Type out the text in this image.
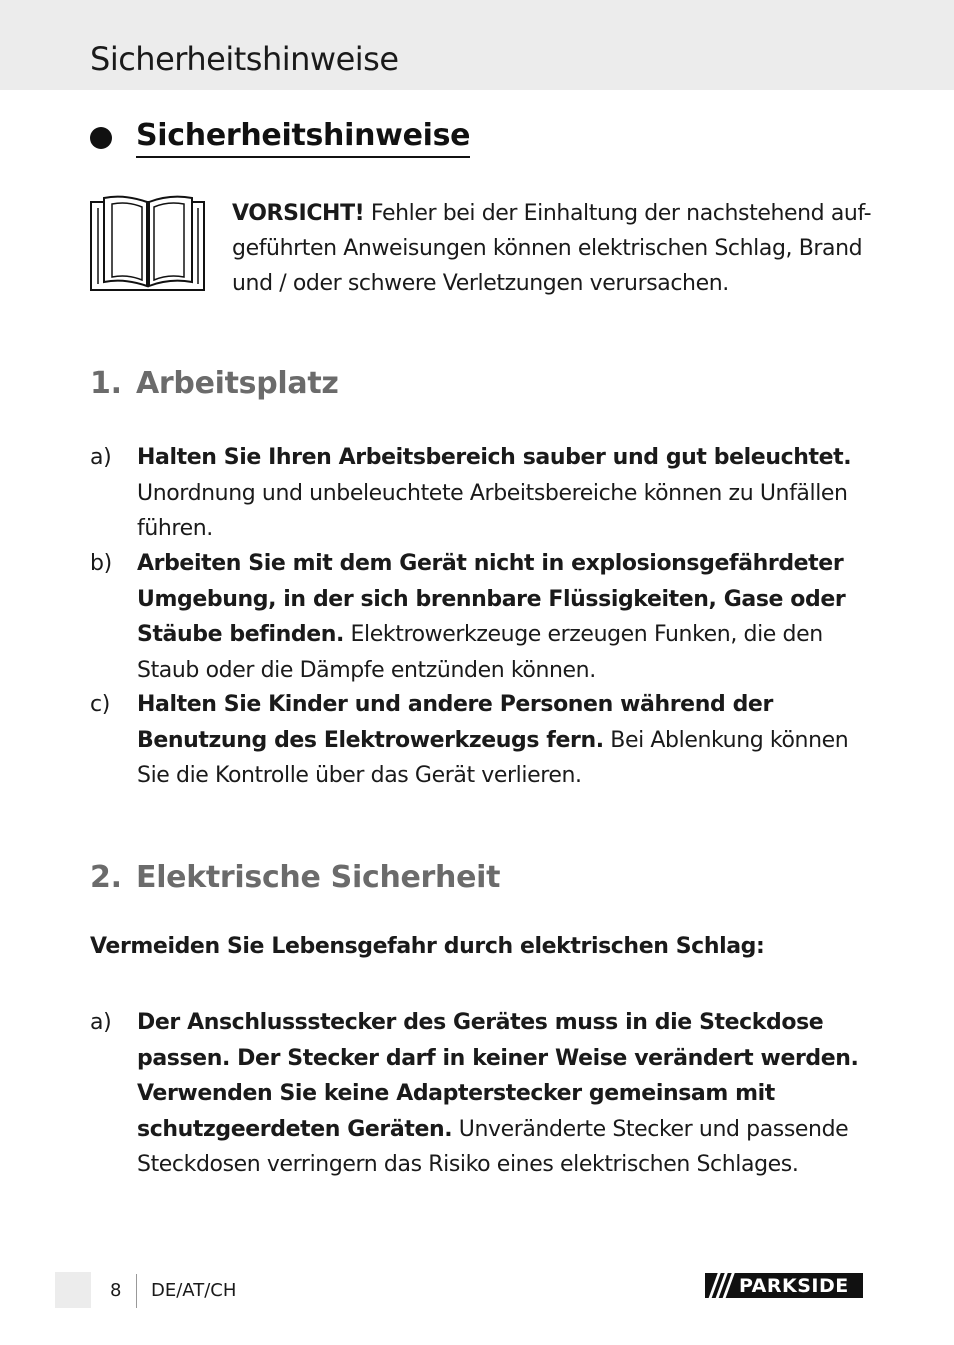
Sicherheitshinweise
Sicherheitshinweise
VORSICHT! Fehler bei der Einhaltung der nachstehend auf-
geführten Anweisungen können elektrischen Schlag, Brand
und / oder schwere Verletzungen verursachen.
1. Arbeitsplatz
a) Halten Sie Ihren Arbeitsbereich sauber und gut beleuchtet. Unordnung und unbeleuchtete Arbeitsbereiche können zu Unfällen führen.
b) Arbeiten Sie mit dem Gerät nicht in explosionsgefährdeter Umgebung, in der sich brennbare Flüssigkeiten, Gase oder Stäube befinden. Elektrowerkzeuge erzeugen Funken, die den Staub oder die Dämpfe entzünden können.
c) Halten Sie Kinder und andere Personen während der Benutzung des Elektrowerkzeugs fern. Bei Ablenkung können Sie die Kontrolle über das Gerät verlieren.
2. Elektrische Sicherheit
Vermeiden Sie Lebensgefahr durch elektrischen Schlag:
a) Der Anschlussstecker des Gerätes muss in die Steckdose passen. Der Stecker darf in keiner Weise verändert werden. Verwenden Sie keine Adapterstecker gemeinsam mit schutzgeerdeten Geräten. Unveränderte Stecker und passende Steckdosen verringern das Risiko eines elektrischen Schlages.
8 DE/AT/CH	PARKSIDE
